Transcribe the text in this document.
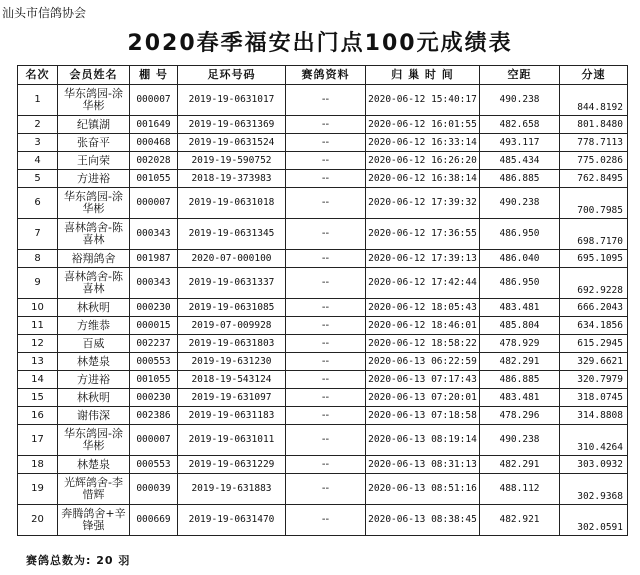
汕头市信鸽协会
2020春季福安出门点100元成绩表
名次	会员姓名	棚 号	足环号码	赛鸽资料	归 巢 时 间	空距	分速
1	华东鸽园-涂华彬	000007	2019-19-0631017	--	2020-06-12 15:40:17	490.238	844.8192
2	纪镇湖	001649	2019-19-0631369	--	2020-06-12 16:01:55	482.658	801.8480
3	张奋平	000468	2019-19-0631524	--	2020-06-12 16:33:14	493.117	778.7113
4	王向荣	002028	2019-19-590752	--	2020-06-12 16:26:20	485.434	775.0286
5	方进裕	001055	2018-19-373983	--	2020-06-12 16:38:14	486.885	762.8495
6	华东鸽园-涂华彬	000007	2019-19-0631018	--	2020-06-12 17:39:32	490.238	700.7985
7	喜林鸽舍-陈喜林	000343	2019-19-0631345	--	2020-06-12 17:36:55	486.950	698.7170
8	裕翔鸽舍	001987	2020-07-000100	--	2020-06-12 17:39:13	486.040	695.1095
9	喜林鸽舍-陈喜林	000343	2019-19-0631337	--	2020-06-12 17:42:44	486.950	692.9228
10	林秋明	000230	2019-19-0631085	--	2020-06-12 18:05:43	483.481	666.2043
11	方维恭	000015	2019-07-009928	--	2020-06-12 18:46:01	485.804	634.1856
12	百威	002237	2019-19-0631803	--	2020-06-12 18:58:22	478.929	615.2945
13	林楚泉	000553	2019-19-631230	--	2020-06-13 06:22:59	482.291	329.6621
14	方进裕	001055	2018-19-543124	--	2020-06-13 07:17:43	486.885	320.7979
15	林秋明	000230	2019-19-631097	--	2020-06-13 07:20:01	483.481	318.0745
16	谢伟深	002386	2019-19-0631183	--	2020-06-13 07:18:58	478.296	314.8808
17	华东鸽园-涂华彬	000007	2019-19-0631011	--	2020-06-13 08:19:14	490.238	310.4264
18	林楚泉	000553	2019-19-0631229	--	2020-06-13 08:31:13	482.291	303.0932
19	光辉鸽舍-李惜辉	000039	2019-19-631883	--	2020-06-13 08:51:16	488.112	302.9368
20	奔腾鸽舍+辛锋强	000669	2019-19-0631470	--	2020-06-13 08:38:45	482.921	302.0591
赛鸽总数为: 20 羽
